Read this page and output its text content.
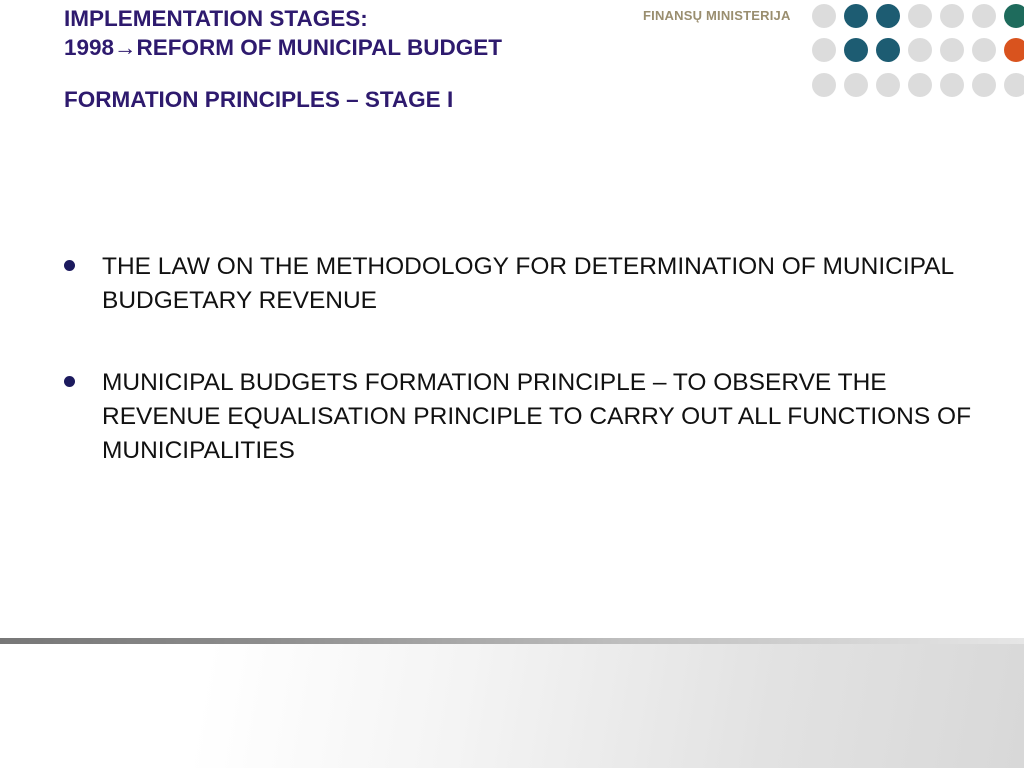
IMPLEMENTATION STAGES:
1998→REFORM OF MUNICIPAL BUDGET
FORMATION PRINCIPLES – STAGE I
FINANSŲ MINISTERIJA
THE LAW ON THE METHODOLOGY FOR DETERMINATION OF MUNICIPAL BUDGETARY REVENUE
MUNICIPAL BUDGETS FORMATION PRINCIPLE – TO OBSERVE THE REVENUE EQUALISATION PRINCIPLE TO CARRY OUT ALL FUNCTIONS OF MUNICIPALITIES
